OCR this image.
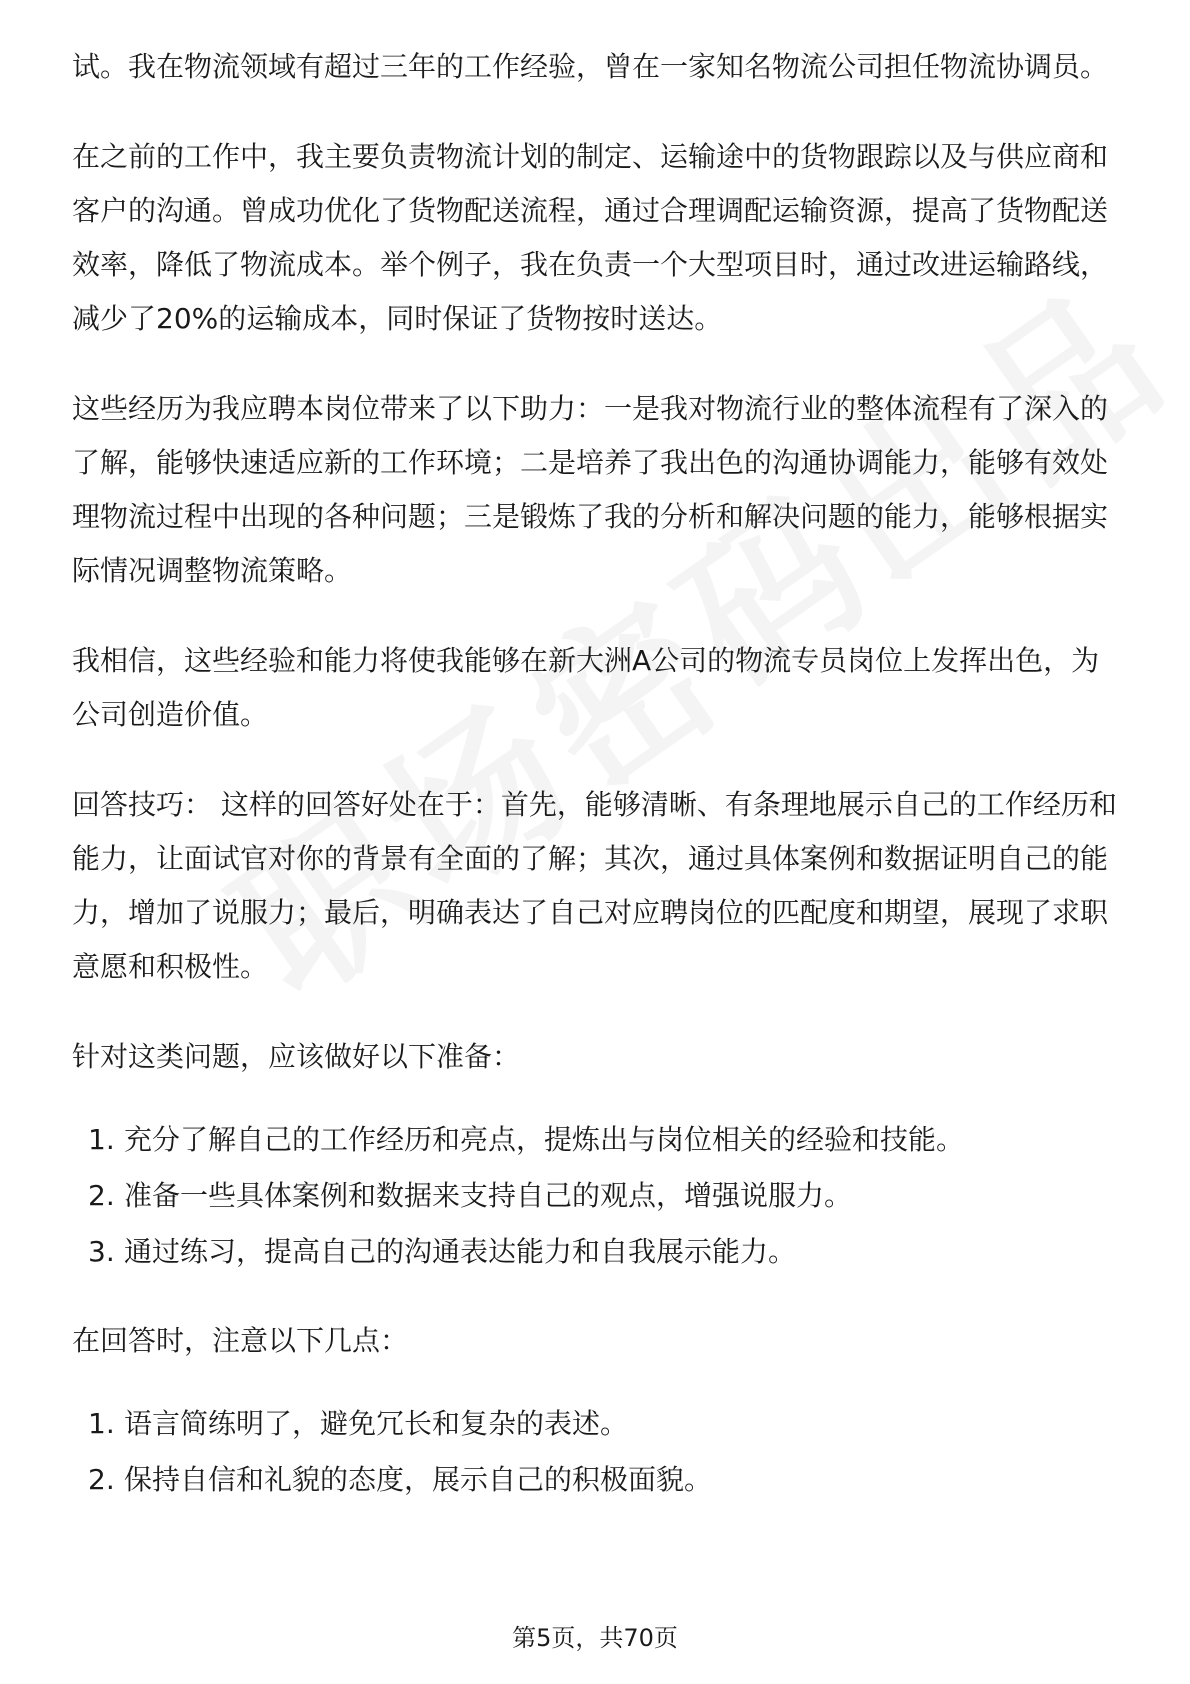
试。我在物流领域有超过三年的工作经验，曾在一家知名物流公司担任物流协调员。

在之前的工作中，我主要负责物流计划的制定、运输途中的货物跟踪以及与供应商和客户的沟通。曾成功优化了货物配送流程，通过合理调配运输资源，提高了货物配送效率，降低了物流成本。举个例子，我在负责一个大型项目时，通过改进运输路线，减少了20%的运输成本，同时保证了货物按时送达。

这些经历为我应聘本岗位带来了以下助力：一是我对物流行业的整体流程有了深入的了解，能够快速适应新的工作环境；二是培养了我出色的沟通协调能力，能够有效处理物流过程中出现的各种问题；三是锻炼了我的分析和解决问题的能力，能够根据实际情况调整物流策略。

我相信，这些经验和能力将使我能够在新大洲A公司的物流专员岗位上发挥出色，为公司创造价值。

回答技巧： 这样的回答好处在于：首先，能够清晰、有条理地展示自己的工作经历和能力，让面试官对你的背景有全面的了解；其次，通过具体案例和数据证明自己的能力，增加了说服力；最后，明确表达了自己对应聘岗位的匹配度和期望，展现了求职意愿和积极性。

针对这类问题，应该做好以下准备：

1. 充分了解自己的工作经历和亮点，提炼出与岗位相关的经验和技能。
2. 准备一些具体案例和数据来支持自己的观点，增强说服力。
3. 通过练习，提高自己的沟通表达能力和自我展示能力。

在回答时，注意以下几点：

1. 语言简练明了，避免冗长和复杂的表述。
2. 保持自信和礼貌的态度，展示自己的积极面貌。
第5页，共70页
